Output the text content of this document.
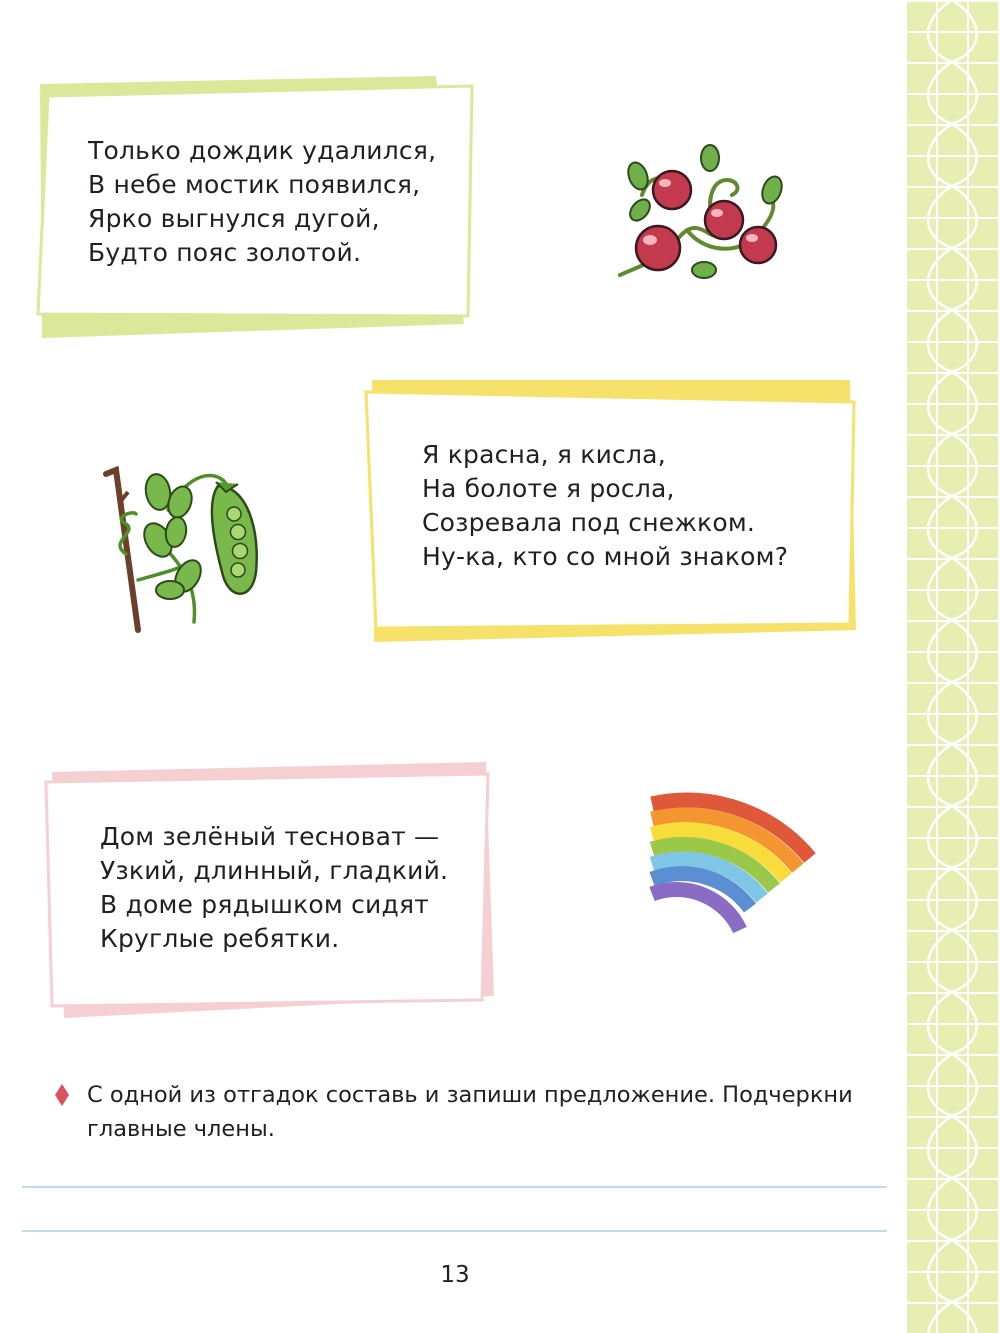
Только дождик удалился,
В небе мостик появился,
Ярко выгнулся дугой,
Будто пояс золотой.
Я красна, я кисла,
На болоте я росла,
Созревала под снежком.
Ну-ка, кто со мной знаком?
Дом зелёный тесноват —
Узкий, длинный, гладкий.
В доме рядышком сидят
Круглые ребятки.
С одной из отгадок составь и запиши предложение. Подчеркни главные члены.
13
